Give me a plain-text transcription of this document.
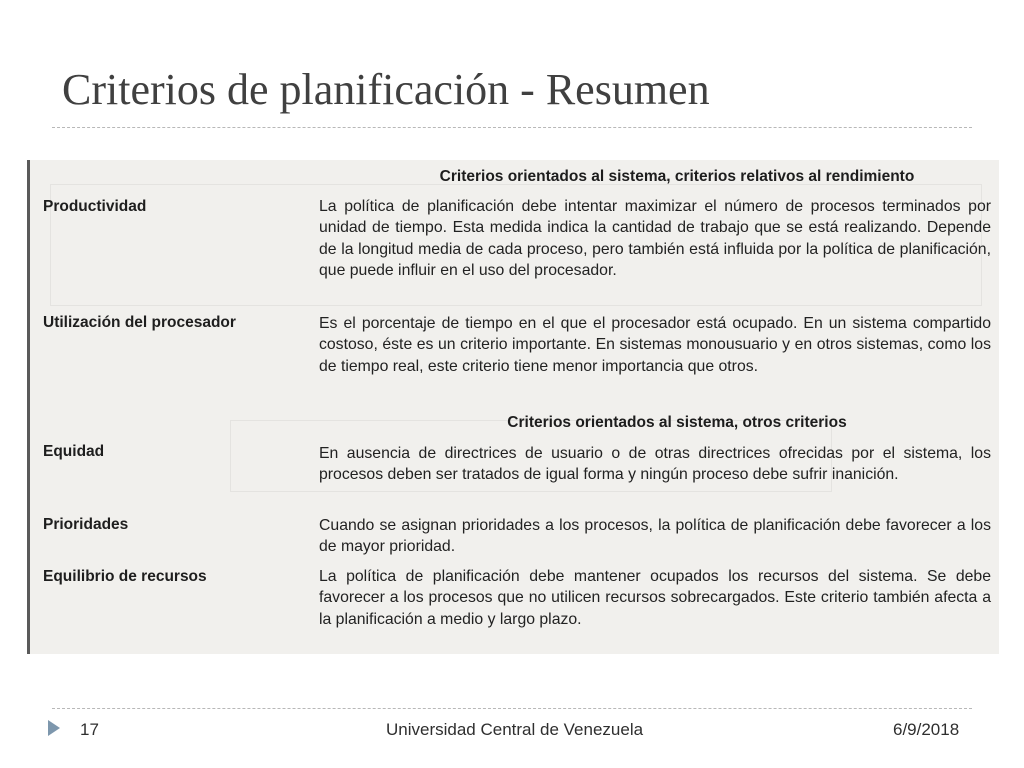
Criterios de planificación - Resumen
Criterios orientados al sistema, criterios relativos al rendimiento
Productividad	La política de planificación debe intentar maximizar el número de procesos terminados por unidad de tiempo. Esta medida indica la cantidad de trabajo que se está realizando. Depende de la longitud media de cada proceso, pero también está influida por la política de planificación, que puede influir en el uso del procesador.
Utilización del procesador	Es el porcentaje de tiempo en el que el procesador está ocupado. En un sistema compartido costoso, éste es un criterio importante. En sistemas monousuario y en otros sistemas, como los de tiempo real, este criterio tiene menor importancia que otros.
Criterios orientados al sistema, otros criterios
Equidad	En ausencia de directrices de usuario o de otras directrices ofrecidas por el sistema, los procesos deben ser tratados de igual forma y ningún proceso debe sufrir inanición.
Prioridades	Cuando se asignan prioridades a los procesos, la política de planificación debe favorecer a los de mayor prioridad.
Equilibrio de recursos	La política de planificación debe mantener ocupados los recursos del sistema. Se debe favorecer a los procesos que no utilicen recursos sobrecargados. Este criterio también afecta a la planificación a medio y largo plazo.
17	Universidad Central de Venezuela	6/9/2018
